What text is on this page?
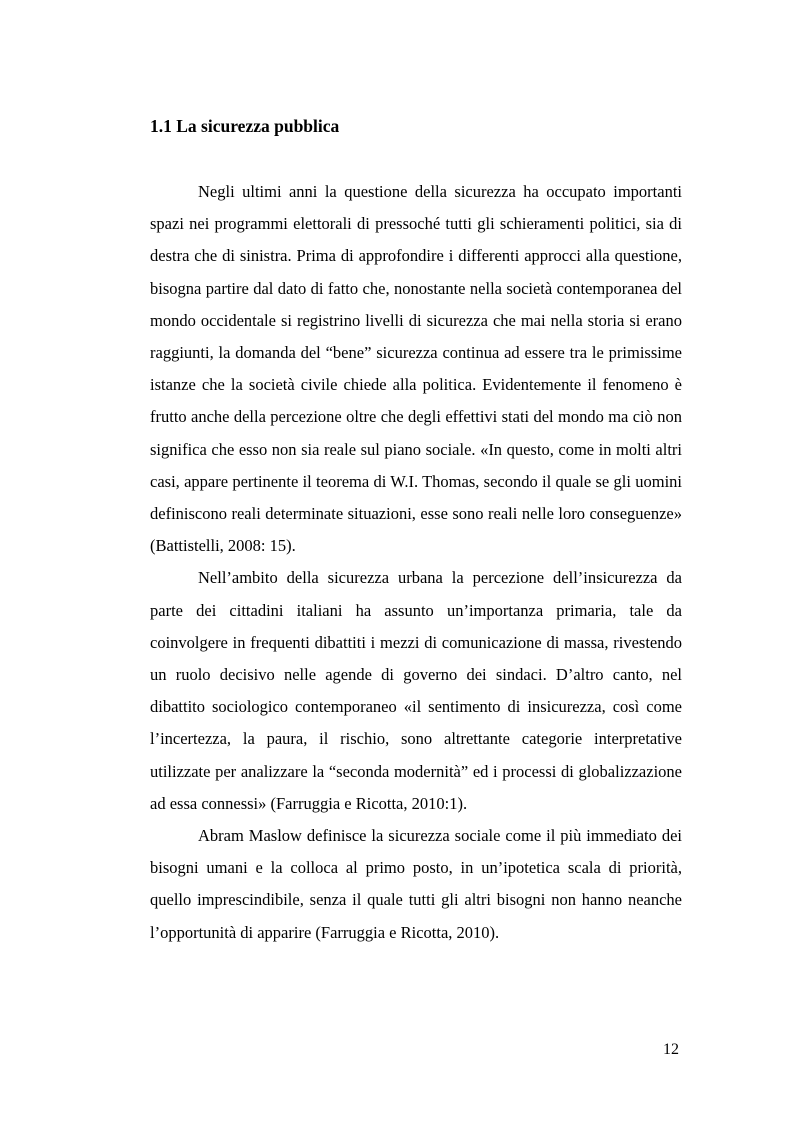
1.1 La sicurezza pubblica

Negli ultimi anni la questione della sicurezza ha occupato importanti spazi nei programmi elettorali di pressoché tutti gli schieramenti politici, sia di destra che di sinistra. Prima di approfondire i differenti approcci alla questione, bisogna partire dal dato di fatto che, nonostante nella società contemporanea del mondo occidentale si registrino livelli di sicurezza che mai nella storia si erano raggiunti, la domanda del “bene” sicurezza continua ad essere tra le primissime istanze che la società civile chiede alla politica. Evidentemente il fenomeno è frutto anche della percezione oltre che degli effettivi stati del mondo ma ciò non significa che esso non sia reale sul piano sociale. «In questo, come in molti altri casi, appare pertinente il teorema di W.I. Thomas, secondo il quale se gli uomini definiscono reali determinate situazioni, esse sono reali nelle loro conseguenze» (Battistelli, 2008: 15).

Nell’ambito della sicurezza urbana la percezione dell’insicurezza da parte dei cittadini italiani ha assunto un’importanza primaria, tale da coinvolgere in frequenti dibattiti i mezzi di comunicazione di massa, rivestendo un ruolo decisivo nelle agende di governo dei sindaci. D’altro canto, nel dibattito sociologico contemporaneo «il sentimento di insicurezza, così come l’incertezza, la paura, il rischio, sono altrettante categorie interpretative utilizzate per analizzare la “seconda modernità” ed i processi di globalizzazione ad essa connessi» (Farruggia e Ricotta, 2010:1).

Abram Maslow definisce la sicurezza sociale come il più immediato dei bisogni umani e la colloca al primo posto, in un’ipotetica scala di priorità, quello imprescindibile, senza il quale tutti gli altri bisogni non hanno neanche l’opportunità di apparire (Farruggia e Ricotta, 2010).

12
